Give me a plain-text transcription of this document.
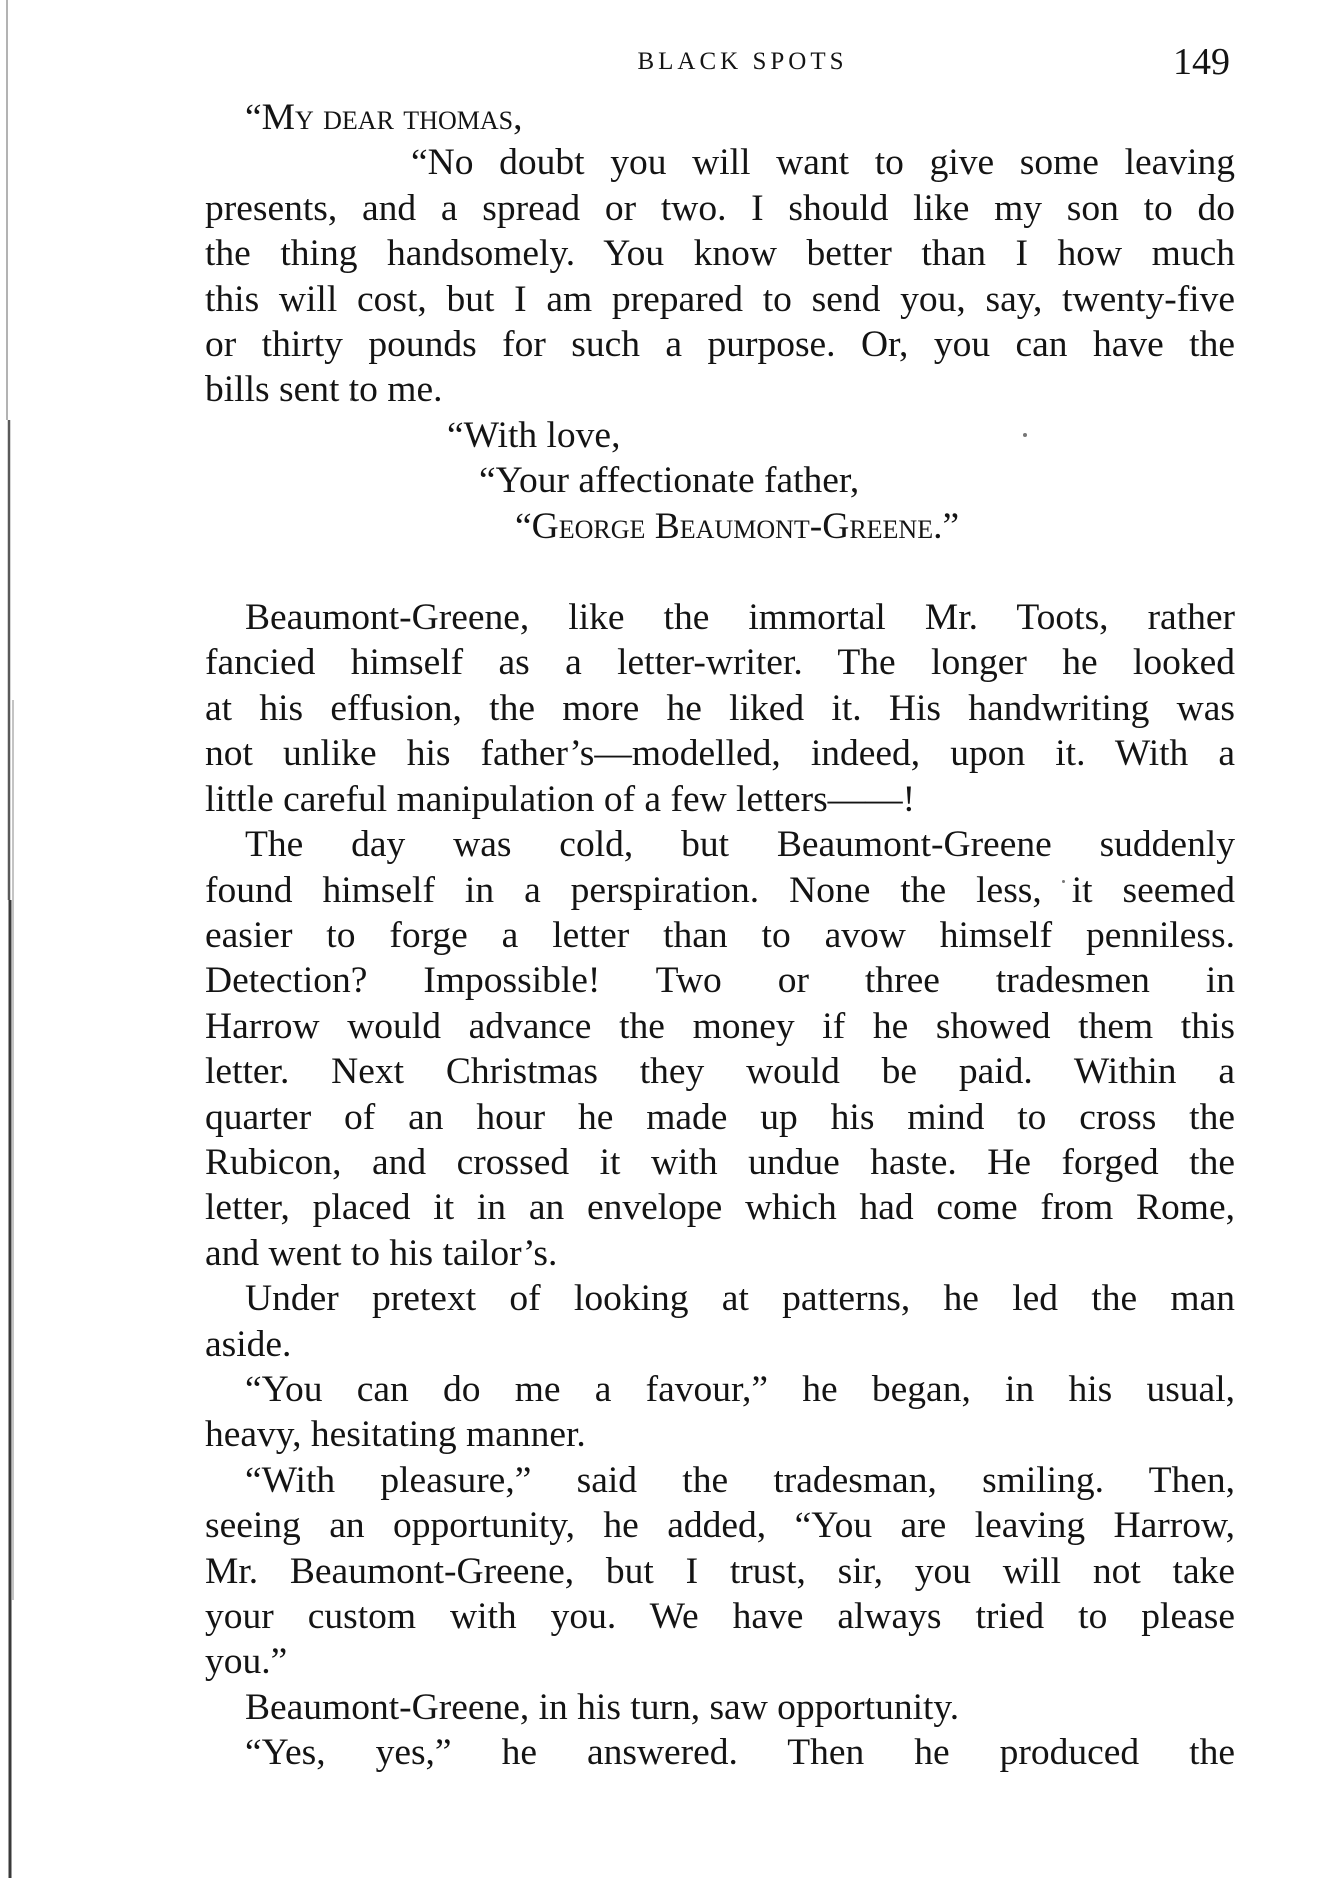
BLACK SPOTS	149
“My dear thomas,
“No doubt you will want to give some leaving
presents, and a spread or two. I should like my son to do
the thing handsomely. You know better than I how much
this will cost, but I am prepared to send you, say, twenty-five
or thirty pounds for such a purpose. Or, you can have the
bills sent to me.
“With love,
“Your affectionate father,
“George Beaumont-Greene.”
Beaumont-Greene, like the immortal Mr. Toots, rather
fancied himself as a letter-writer. The longer he looked
at his effusion, the more he liked it. His handwriting was
not unlike his father’s—modelled, indeed, upon it. With a
little careful manipulation of a few letters——!
The day was cold, but Beaumont-Greene suddenly
found himself in a perspiration. None the less, it seemed
easier to forge a letter than to avow himself penniless.
Detection? Impossible! Two or three tradesmen in
Harrow would advance the money if he showed them this
letter. Next Christmas they would be paid. Within a
quarter of an hour he made up his mind to cross the
Rubicon, and crossed it with undue haste. He forged the
letter, placed it in an envelope which had come from Rome,
and went to his tailor’s.
Under pretext of looking at patterns, he led the man
aside.
“You can do me a favour,” he began, in his usual,
heavy, hesitating manner.
“With pleasure,” said the tradesman, smiling. Then,
seeing an opportunity, he added, “You are leaving Harrow,
Mr. Beaumont-Greene, but I trust, sir, you will not take
your custom with you. We have always tried to please
you.”
Beaumont-Greene, in his turn, saw opportunity.
“Yes, yes,” he answered. Then he produced the
